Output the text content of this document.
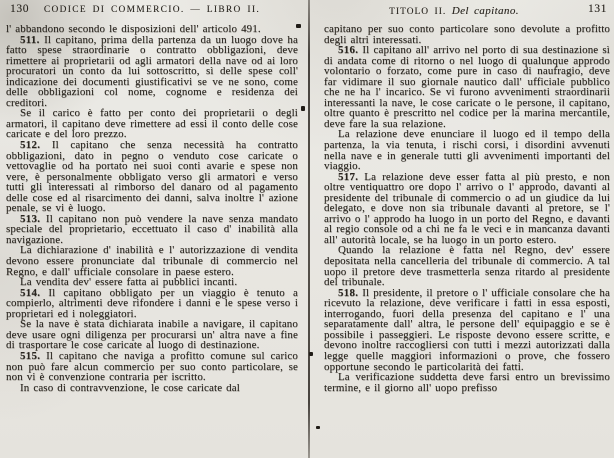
130	CODICE DI COMMERCIO. — LIBRO II.

l' abbandono secondo le disposizioni dell' articolo 491.

511. Il capitano, prima della partenza da un luogo dove ha fatto spese straordinarie o contratto obbligazioni, deve rimettere ai proprietarii od agli armatori della nave od ai loro procuratori un conto da lui sottoscritto, sì delle spese coll' indicazione dei documenti giustificativi se ve ne sono, come delle obbligazioni col nome, cognome e residenza dei creditori.

Se il carico è fatto per conto dei proprietarii o degli armatori, il capitano deve rimettere ad essi il conto delle cose caricate e del loro prezzo.

512. Il capitano che senza necessità ha contratto obbligazioni, dato in pegno o venduto cose caricate o vettovaglie od ha portato nei suoi conti avarie e spese non vere, è personalmente obbligato verso gli armatori e verso tutti gli interessati al rimborso del danaro od al pagamento delle cose ed al risarcimento dei danni, salva inoltre l' azione penale, se vi è luogo.

513. Il capitano non può vendere la nave senza mandato speciale del proprietario, eccettuato il caso d' inabilità alla navigazione.

La dichiarazione d' inabilità e l' autorizzazione di vendita devono essere pronunciate dal tribunale di commercio nel Regno, e dall' ufficiale consolare in paese estero.

La vendita dev' essere fatta ai pubblici incanti.

514. Il capitano obbligato per un viaggio è tenuto a compierlo, altrimenti deve rifondere i danni e le spese verso i proprietari ed i noleggiatori.

Se la nave è stata dichiarata inabile a navigare, il capitano deve usare ogni diligenza per procurarsi un' altra nave a fine di trasportare le cose caricate al luogo di destinazione.

515. Il capitano che naviga a profitto comune sul carico non può fare alcun commercio per suo conto particolare, se non vi è convenzione contraria per iscritto.

In caso di contravvenzione, le cose caricate dal

TITOLO II. Del capitano.	131

capitano per suo conto particolare sono devolute a profitto degli altri interessati.

516. Il capitano all' arrivo nel porto di sua destinazione sì di andata come di ritorno o nel luogo di qualunque approdo volontario o forzato, come pure in caso di naufragio, deve far vidimare il suo giornale nautico dall' ufficiale pubblico che ne ha l' incarico. Se vi furono avvenimenti straordinarii interessanti la nave, le cose caricate o le persone, il capitano, oltre quanto è prescritto nel codice per la marina mercantile, deve fare la sua relazione.

La relazione deve enunciare il luogo ed il tempo della partenza, la via tenuta, i rischi corsi, i disordini avvenuti nella nave e in generale tutti gli avvenimenti importanti del viaggio.

517. La relazione deve esser fatta al più presto, e non oltre ventiquattro ore dopo l' arrivo o l' approdo, davanti al presidente del tribunale di commercio o ad un giudice da lui delegato, e dove non sia tribunale davanti al pretore, se l' arrivo o l' approdo ha luogo in un porto del Regno, e davanti al regio console od a chi ne fa le veci e in mancanza davanti all' autorità locale, se ha luogo in un porto estero.

Quando la relazione è fatta nel Regno, dev' essere depositata nella cancelleria del tribunale di commercio. A tal uopo il pretore deve trasmetterla senza ritardo al presidente del tribunale.

518. Il presidente, il pretore o l' ufficiale consolare che ha ricevuto la relazione, deve verificare i fatti in essa esposti, interrogando, fuori della presenza del capitano e l' una separatamente dall' altra, le persone dell' equipaggio e se è possibile i passeggieri. Le risposte devono essere scritte, e devono inoltre raccogliersi con tutti i mezzi autorizzati dalla legge quelle maggiori informazioni o prove, che fossero opportune secondo le particolarità dei fatti.

La verificazione suddetta deve farsi entro un brevissimo termine, e il giorno all' uopo prefisso
